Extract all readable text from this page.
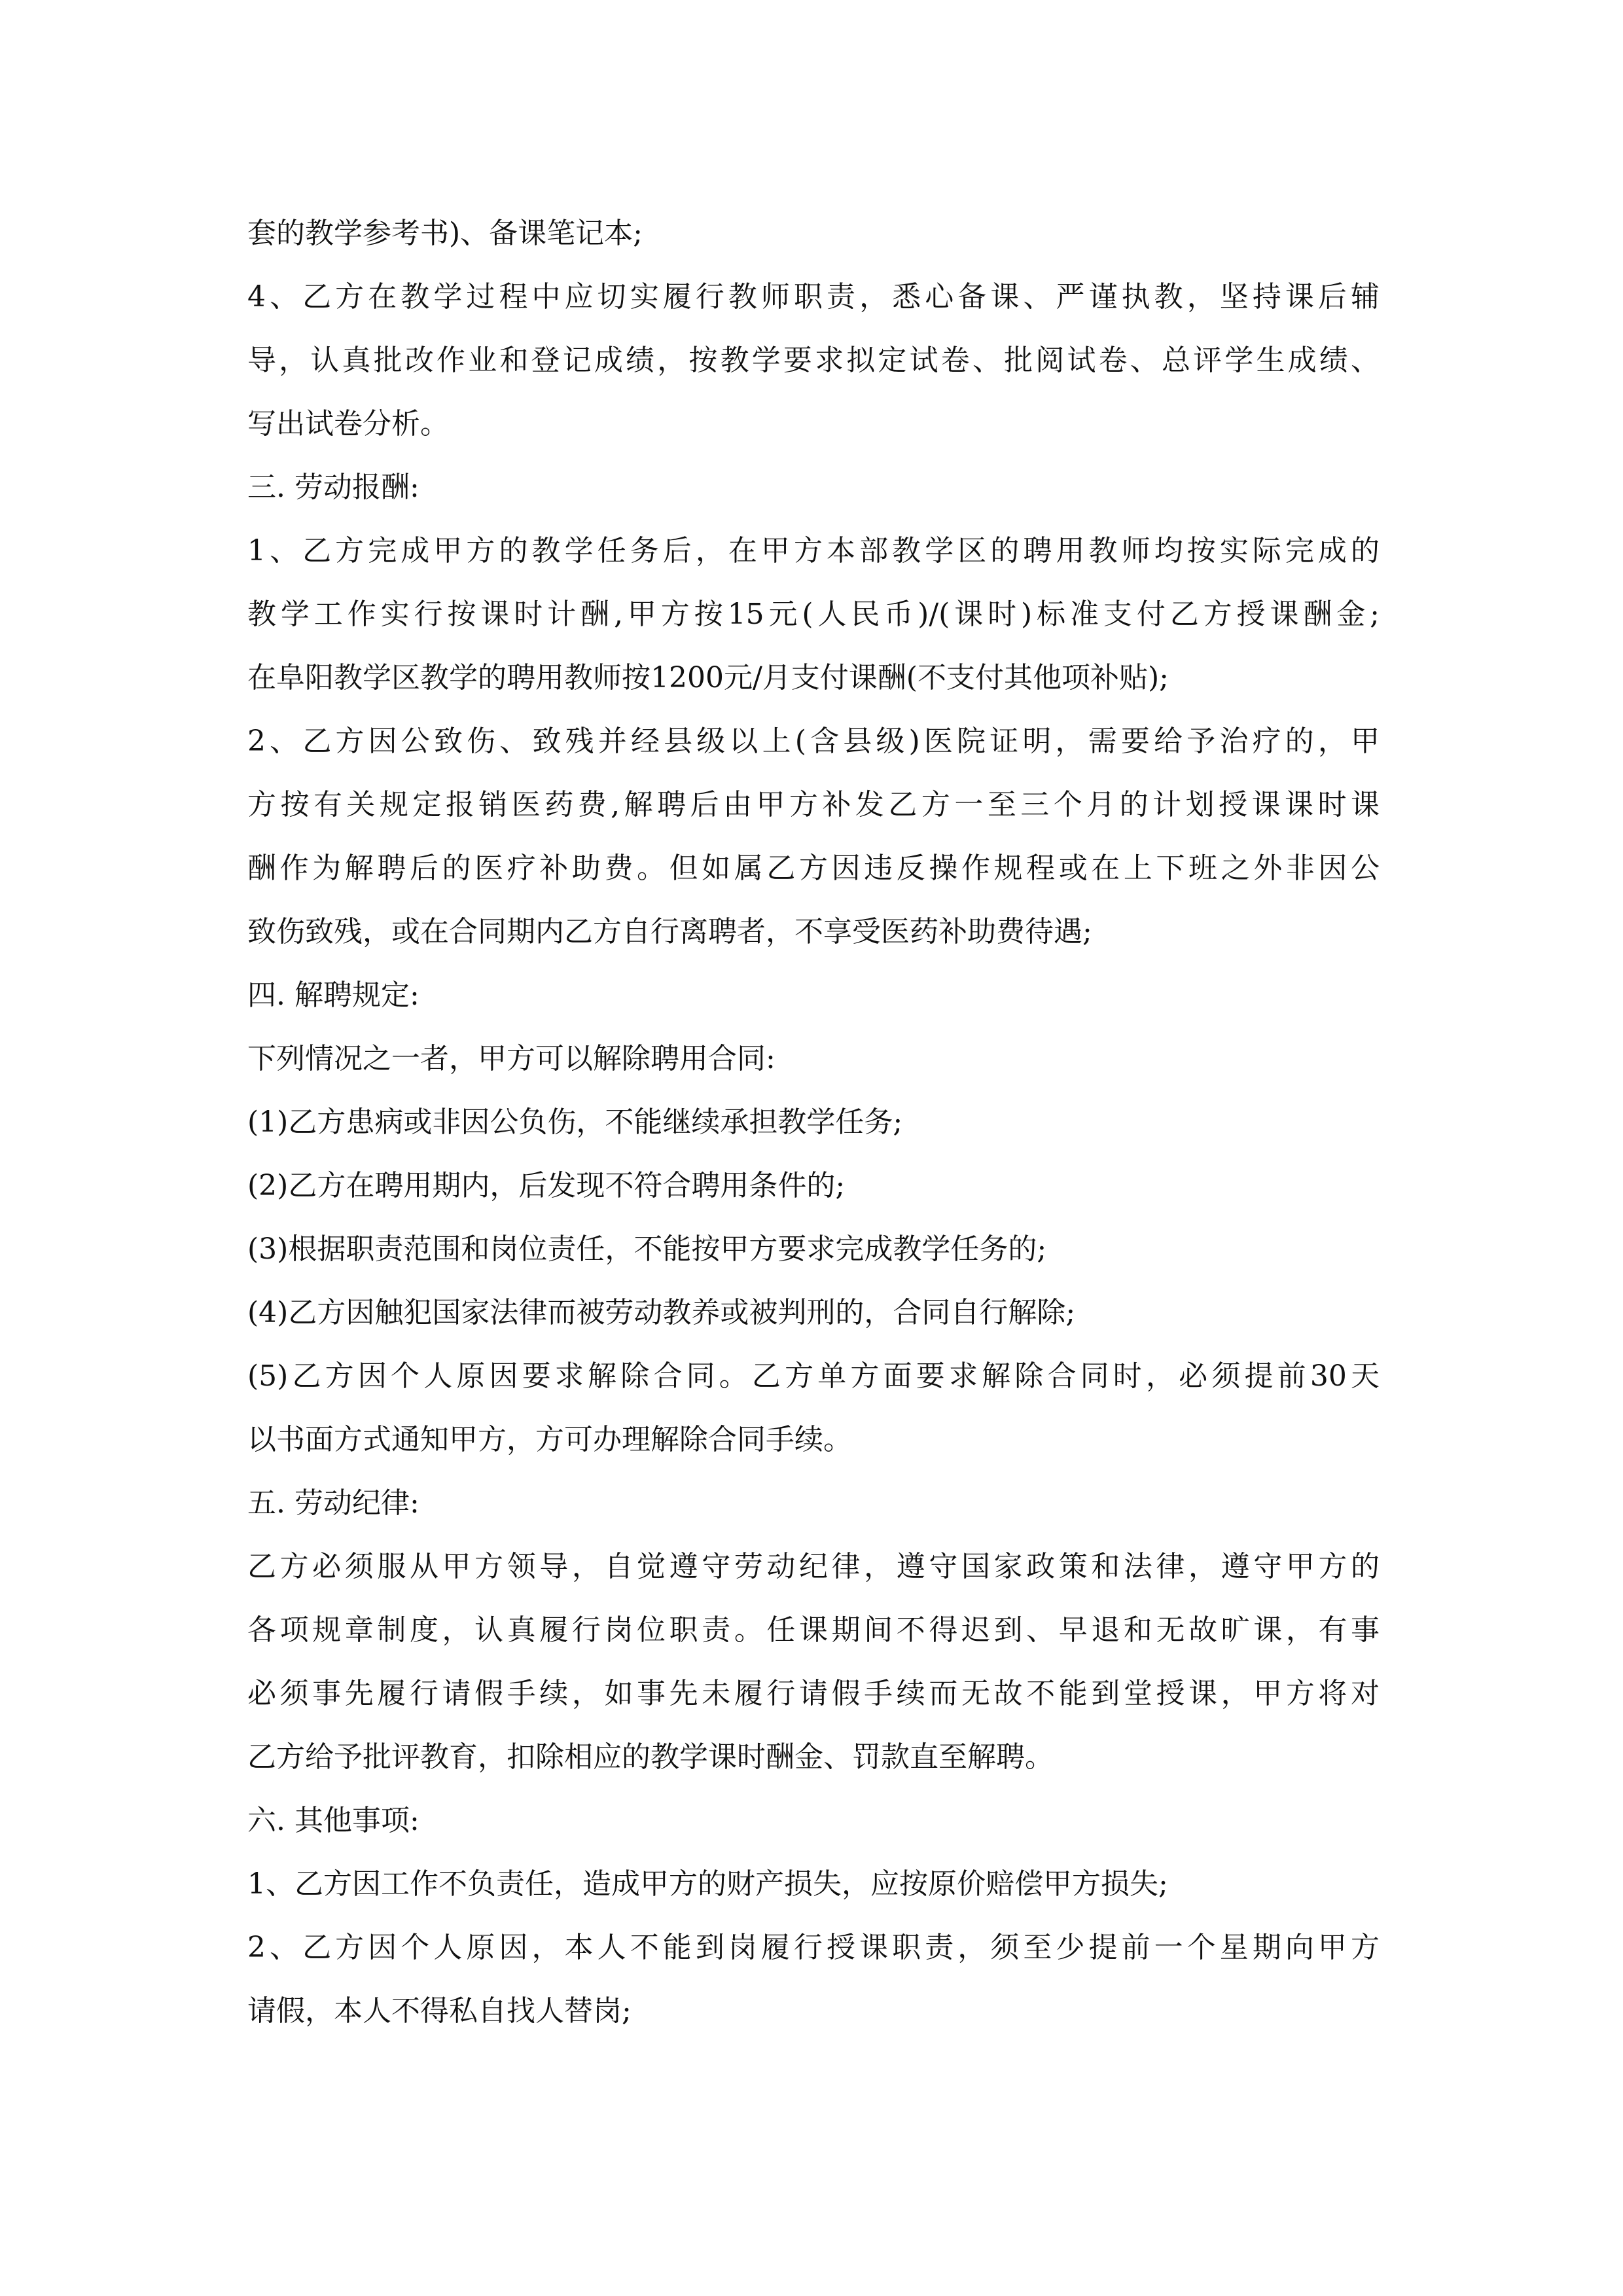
套的教学参考书)、备课笔记本;
4、乙方在教学过程中应切实履行教师职责，悉心备课、严谨执教，坚持课后辅
导，认真批改作业和登记成绩，按教学要求拟定试卷、批阅试卷、总评学生成绩、
写出试卷分析。
三. 劳动报酬:
1、乙方完成甲方的教学任务后，在甲方本部教学区的聘用教师均按实际完成的
教学工作实行按课时计酬,甲方按15元(人民币)/(课时)标准支付乙方授课酬金;
在阜阳教学区教学的聘用教师按1200元/月支付课酬(不支付其他项补贴);
2、乙方因公致伤、致残并经县级以上(含县级)医院证明，需要给予治疗的，甲
方按有关规定报销医药费,解聘后由甲方补发乙方一至三个月的计划授课课时课
酬作为解聘后的医疗补助费。但如属乙方因违反操作规程或在上下班之外非因公
致伤致残，或在合同期内乙方自行离聘者，不享受医药补助费待遇;
四. 解聘规定:
下列情况之一者，甲方可以解除聘用合同:
(1)乙方患病或非因公负伤，不能继续承担教学任务;
(2)乙方在聘用期内，后发现不符合聘用条件的;
(3)根据职责范围和岗位责任，不能按甲方要求完成教学任务的;
(4)乙方因触犯国家法律而被劳动教养或被判刑的，合同自行解除;
(5)乙方因个人原因要求解除合同。乙方单方面要求解除合同时，必须提前30天
以书面方式通知甲方，方可办理解除合同手续。
五. 劳动纪律:
乙方必须服从甲方领导，自觉遵守劳动纪律，遵守国家政策和法律，遵守甲方的
各项规章制度，认真履行岗位职责。任课期间不得迟到、早退和无故旷课，有事
必须事先履行请假手续，如事先未履行请假手续而无故不能到堂授课，甲方将对
乙方给予批评教育，扣除相应的教学课时酬金、罚款直至解聘。
六. 其他事项:
1、乙方因工作不负责任，造成甲方的财产损失，应按原价赔偿甲方损失;
2、乙方因个人原因，本人不能到岗履行授课职责，须至少提前一个星期向甲方
请假，本人不得私自找人替岗;
